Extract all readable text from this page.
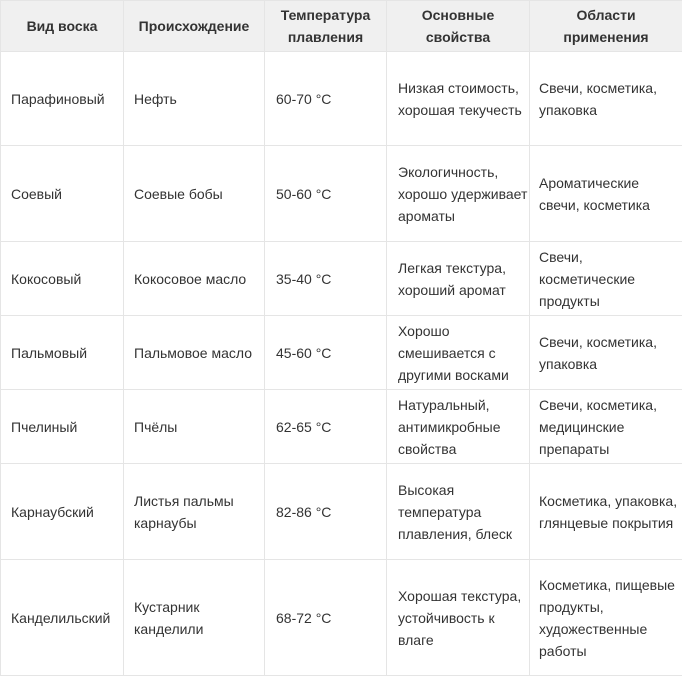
Вид воска	Происхождение	Температура плавления	Основные свойства	Области применения
Парафиновый	Нефть	60-70 °C	Низкая стоимость, хорошая текучесть	Свечи, косметика, упаковка
Соевый	Соевые бобы	50-60 °C	Экологичность, хорошо удерживает ароматы	Ароматические свечи, косметика
Кокосовый	Кокосовое масло	35-40 °C	Легкая текстура, хороший аромат	Свечи, косметические продукты
Пальмовый	Пальмовое масло	45-60 °C	Хорошо смешивается с другими восками	Свечи, косметика, упаковка
Пчелиный	Пчёлы	62-65 °C	Натуральный, антимикробные свойства	Свечи, косметика, медицинские препараты
Карнаубский	Листья пальмы карнаубы	82-86 °C	Высокая температура плавления, блеск	Косметика, упаковка, глянцевые покрытия
Канделильский	Кустарник канделили	68-72 °C	Хорошая текстура, устойчивость к влаге	Косметика, пищевые продукты, художественные работы
